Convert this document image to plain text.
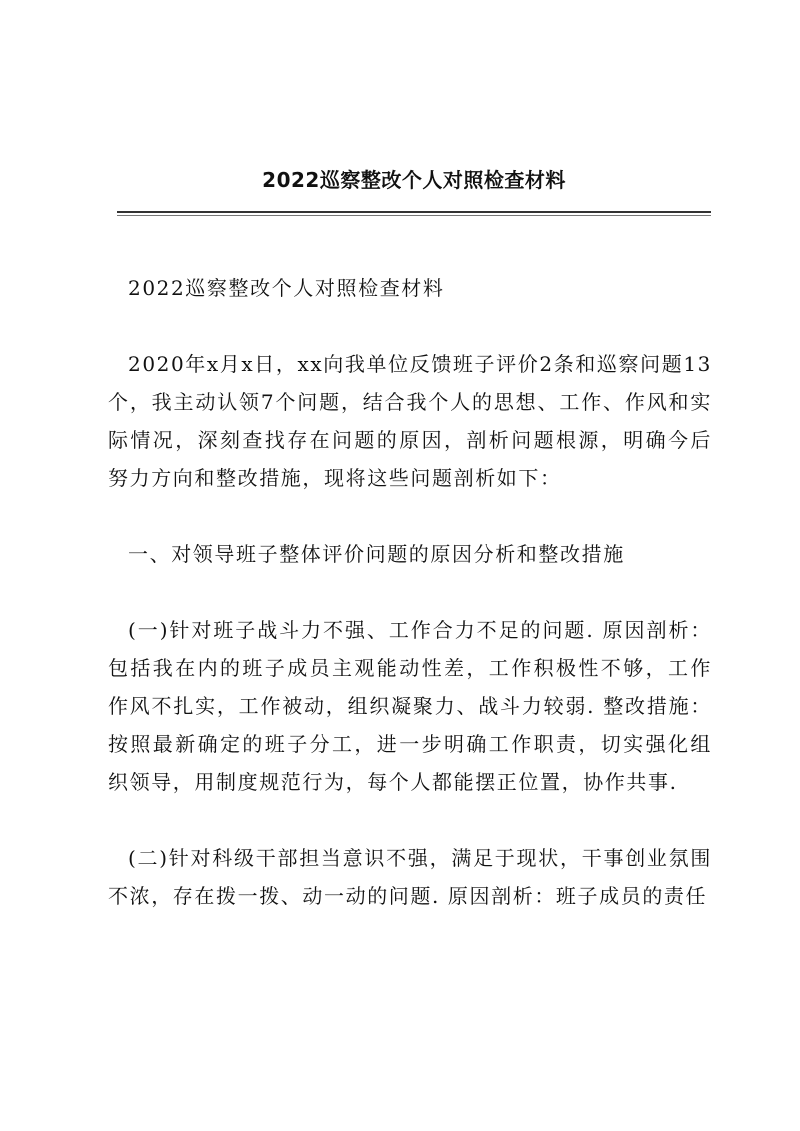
2022巡察整改个人对照检查材料

2022巡察整改个人对照检查材料

2020年x月x日，xx向我单位反馈班子评价2条和巡察问题13个，我主动认领7个问题，结合我个人的思想、工作、作风和实际情况，深刻查找存在问题的原因，剖析问题根源，明确今后努力方向和整改措施，现将这些问题剖析如下：

一、对领导班子整体评价问题的原因分析和整改措施

(一)针对班子战斗力不强、工作合力不足的问题. 原因剖析：包括我在内的班子成员主观能动性差，工作积极性不够，工作作风不扎实，工作被动，组织凝聚力、战斗力较弱. 整改措施：按照最新确定的班子分工，进一步明确工作职责，切实强化组织领导，用制度规范行为，每个人都能摆正位置，协作共事.

(二)针对科级干部担当意识不强，满足于现状，干事创业氛围不浓，存在拨一拨、动一动的问题. 原因剖析：班子成员的责任
